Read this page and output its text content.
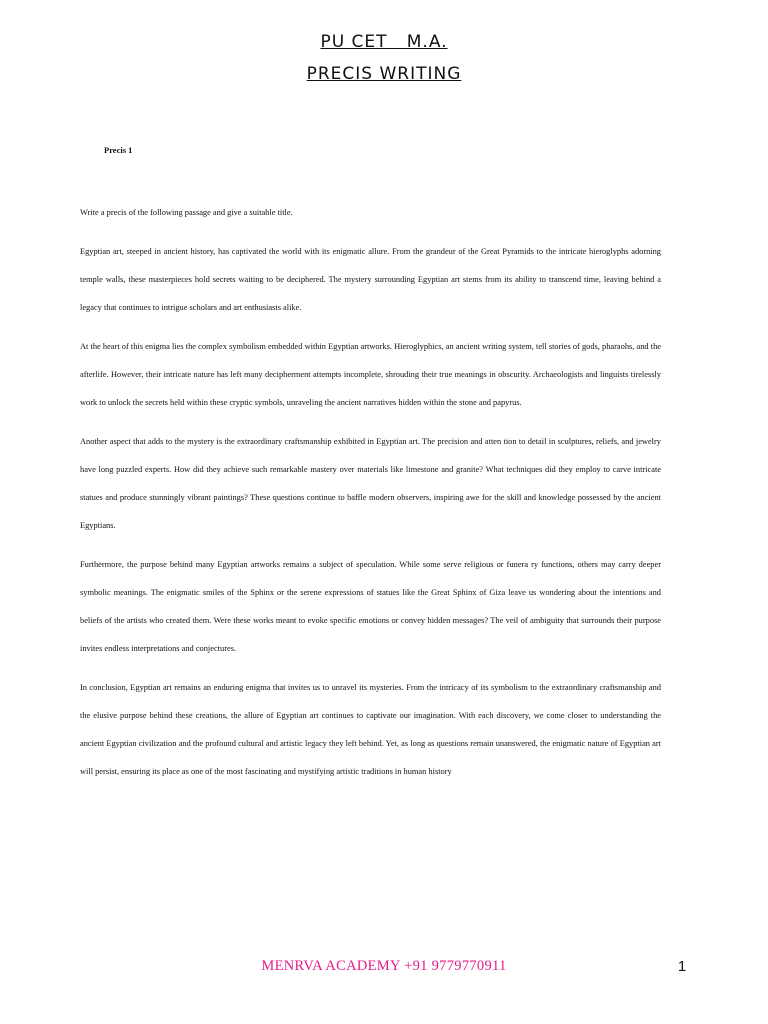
PU CET   M.A.
PRECIS WRITING
Precis 1

Write a precis of the following passage and give a suitable title.

Egyptian art, steeped in ancient history, has captivated the world with its enigmatic allure. From the grandeur of the Great Pyramids to the intricate hieroglyphs adorning temple walls, these masterpieces hold secrets waiting to be deciphered. The mystery surrounding Egyptian art stems from its ability to transcend time, leaving behind a legacy that continues to intrigue scholars and art enthusiasts alike.

At the heart of this enigma lies the complex symbolism embedded within Egyptian artworks. Hieroglyphics, an ancient writing system, tell stories of gods, pharaohs, and the afterlife. However, their intricate nature has left many decipherment attempts incomplete, shrouding their true meanings in obscurity. Archaeologists and linguists tirelessly work to unlock the secrets held within these cryptic symbols, unraveling the ancient narratives hidden within the stone and papyrus.

Another aspect that adds to the mystery is the extraordinary craftsmanship exhibited in Egyptian art. The precision and atten tion to detail in sculptures, reliefs, and jewelry have long puzzled experts. How did they achieve such remarkable mastery over materials like limestone and granite? What techniques did they employ to carve intricate statues and produce stunningly vibrant paintings? These questions continue to baffle modern observers, inspiring awe for the skill and knowledge possessed by the ancient Egyptians.

Furthermore, the purpose behind many Egyptian artworks remains a subject of speculation. While some serve religious or funera ry functions, others may carry deeper symbolic meanings. The enigmatic smiles of the Sphinx or the serene expressions of statues like the Great Sphinx of Giza leave us wondering about the intentions and beliefs of the artists who created them. Were these works meant to evoke specific emotions or convey hidden messages? The veil of ambiguity that surrounds their purpose invites endless interpretations and conjectures.

In conclusion, Egyptian art remains an enduring enigma that invites us to unravel its mysteries. From the intricacy of its symbolism to the extraordinary craftsmanship and the elusive purpose behind these creations, the allure of Egyptian art continues to captivate our imagination. With each discovery, we come closer to understanding the ancient Egyptian civilization and the profound cultural and artistic legacy they left behind. Yet, as long as questions remain unanswered, the enigmatic nature of Egyptian art will persist, ensuring its place as one of the most fascinating and mystifying artistic traditions in human history

MENRVA ACADEMY +91 9779770911	1
